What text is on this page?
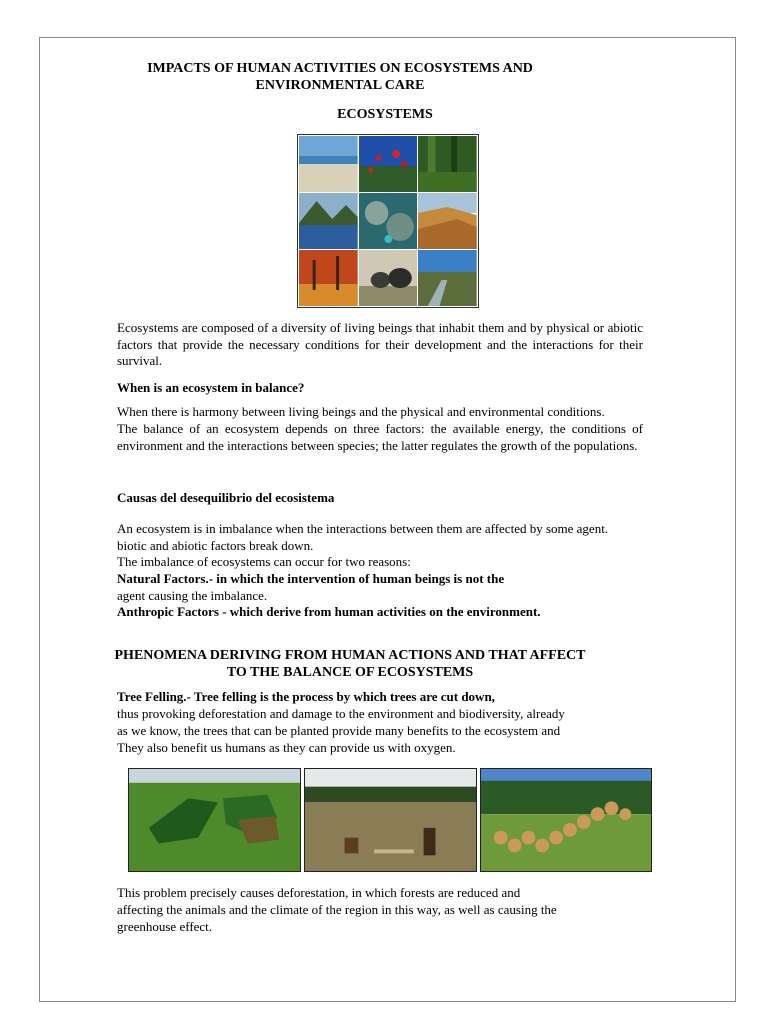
IMPACTS OF HUMAN ACTIVITIES ON ECOSYSTEMS AND
ENVIRONMENTAL CARE
ECOSYSTEMS
Ecosystems are composed of a diversity of living beings that inhabit them and by physical or abiotic factors that provide the necessary conditions for their development and the interactions for their survival.
When is an ecosystem in balance?
When there is harmony between living beings and the physical and environmental conditions.
The balance of an ecosystem depends on three factors: the available energy, the conditions of environment and the interactions between species; the latter regulates the growth of the populations.
Causas del desequilibrio del ecosistema
An ecosystem is in imbalance when the interactions between them are affected by some agent.
biotic and abiotic factors break down.
The imbalance of ecosystems can occur for two reasons:
Natural Factors.- in which the intervention of human beings is not the
agent causing the imbalance.
Anthropic Factors - which derive from human activities on the environment.
PHENOMENA DERIVING FROM HUMAN ACTIONS AND THAT AFFECT
TO THE BALANCE OF ECOSYSTEMS
Tree Felling.- Tree felling is the process by which trees are cut down,
thus provoking deforestation and damage to the environment and biodiversity, already
as we know, the trees that can be planted provide many benefits to the ecosystem and
They also benefit us humans as they can provide us with oxygen.
This problem precisely causes deforestation, in which forests are reduced and
affecting the animals and the climate of the region in this way, as well as causing the
greenhouse effect.
